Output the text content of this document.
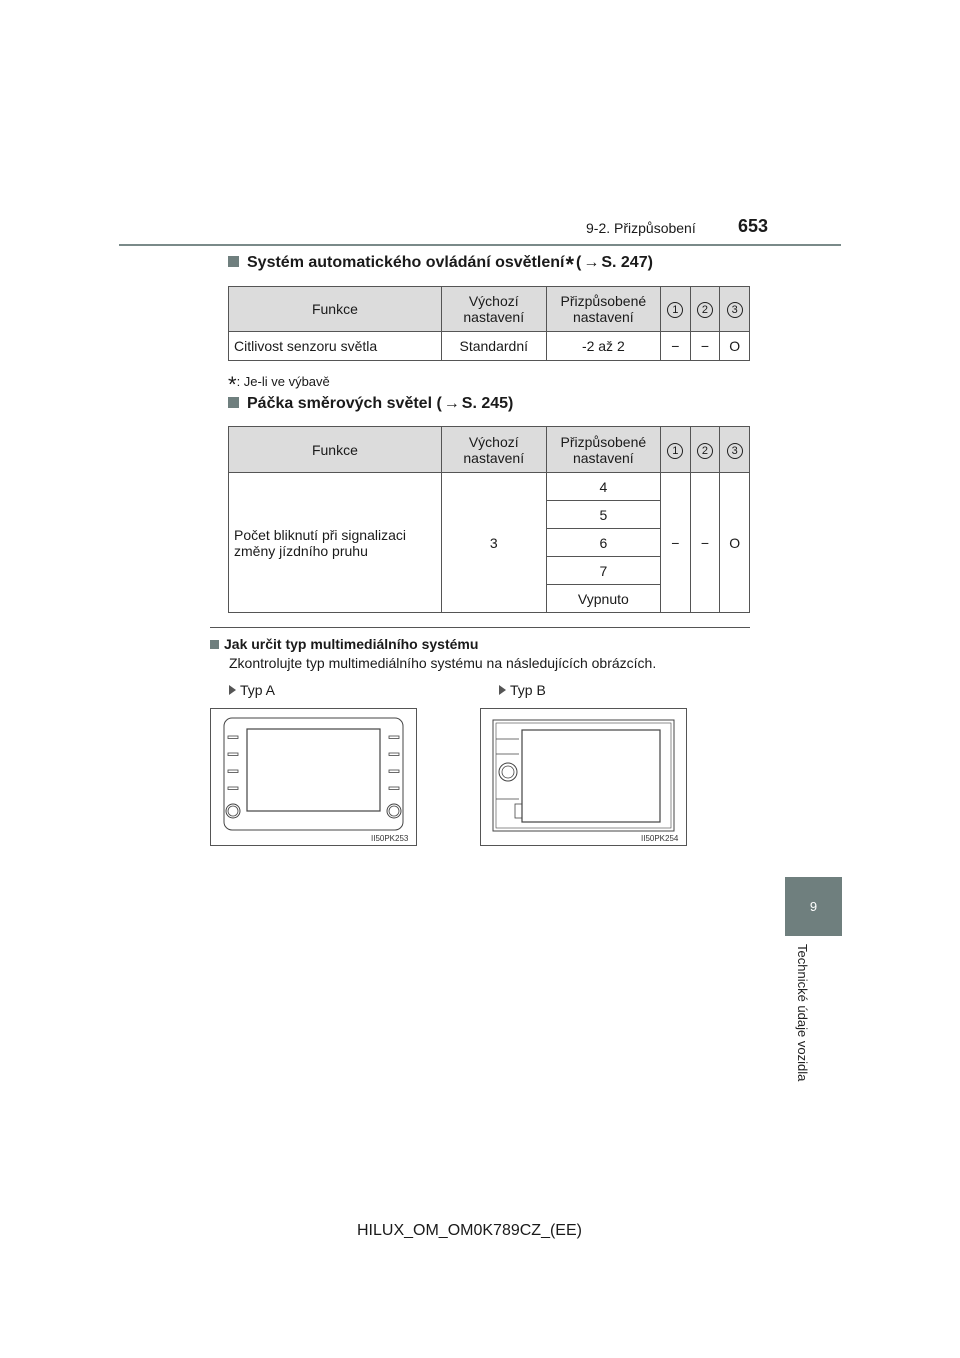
9-2. Přizpůsobení 653
9
Technické údaje vozidla
Systém automatického ovládání osvětlení * ( → S. 247)
Funkce	Výchozí nastavení	Přizpůsobené nastavení	1	2	3
Citlivost senzoru světla	Standardní	-2 až 2	−	−	O
*: Je-li ve výbavě
Páčka směrových světel
( → S. 245)
Funkce	Výchozí nastavení	Přizpůsobené nastavení	1	2	3
Počet bliknutí při signalizaci změny jízdního pruhu	3	4	−	−	O
		5			
		6			
		7			
		Vypnuto			
Jak určit typ multimediálního systému
Zkontrolujte typ multimediálního systému na následujících obrázcích.
Typ A	Typ B
II50PK253	II50PK254
HILUX_OM_OM0K789CZ_(EE)
